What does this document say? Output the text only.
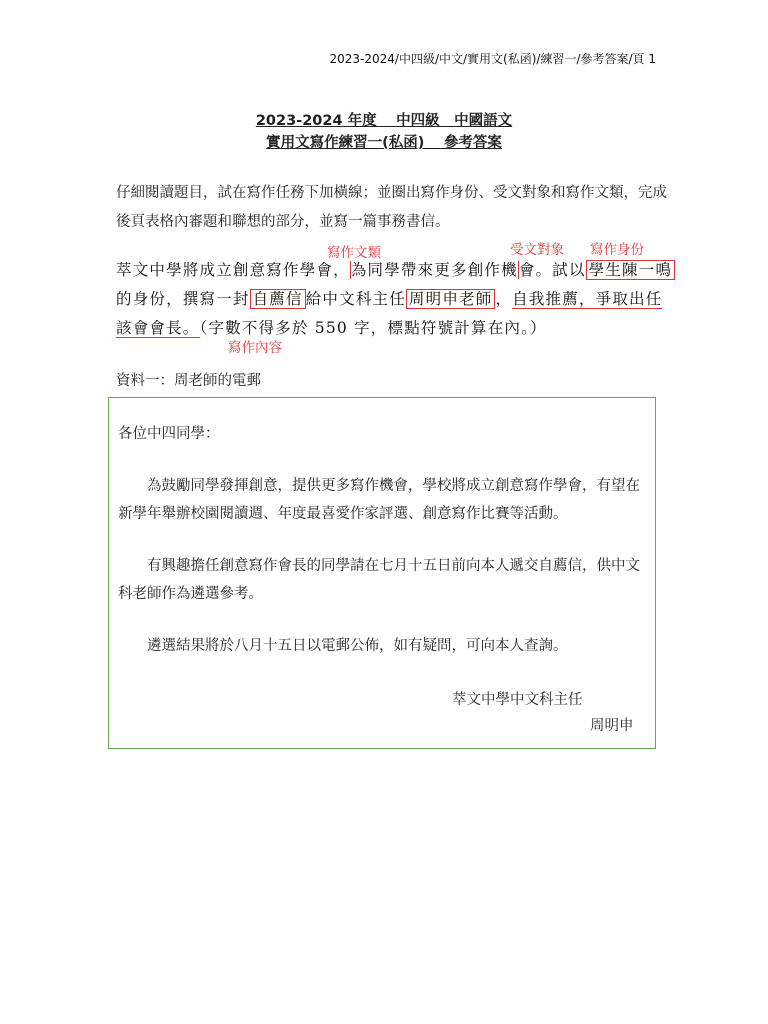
2023-2024/中四級/中文/實用文(私函)/練習一/參考答案/頁 1
2023-2024 年度　 中四級　中國語文
實用文寫作練習一(私函)　 參考答案
仔細閱讀題目，試在寫作任務下加橫線；並圈出寫作身份、受文對象和寫作文類，完成後頁表格內審題和聯想的部分，並寫一篇事務書信。
寫作文類	受文對象 寫作身份
寫作內容
萃文中學將成立創意寫作學會，為同學帶來更多創作機會。試以 學生陳一鳴的身份，撰寫一封 自薦信 給中文科主任 周明申老師 ，自我推薦，爭取出任該會會長。（字數不得多於 550 字，標點符號計算在內。）
資料一：周老師的電郵
各位中四同學：
為鼓勵同學發揮創意，提供更多寫作機會，學校將成立創意寫作學會，有望在新學年舉辦校園閱讀週、年度最喜愛作家評選、創意寫作比賽等活動。
有興趣擔任創意寫作會長的同學請在七月十五日前向本人遞交自薦信，供中文科老師作為遴選參考。
遴選結果將於八月十五日以電郵公佈，如有疑問，可向本人查詢。
萃文中學中文科主任
周明申
